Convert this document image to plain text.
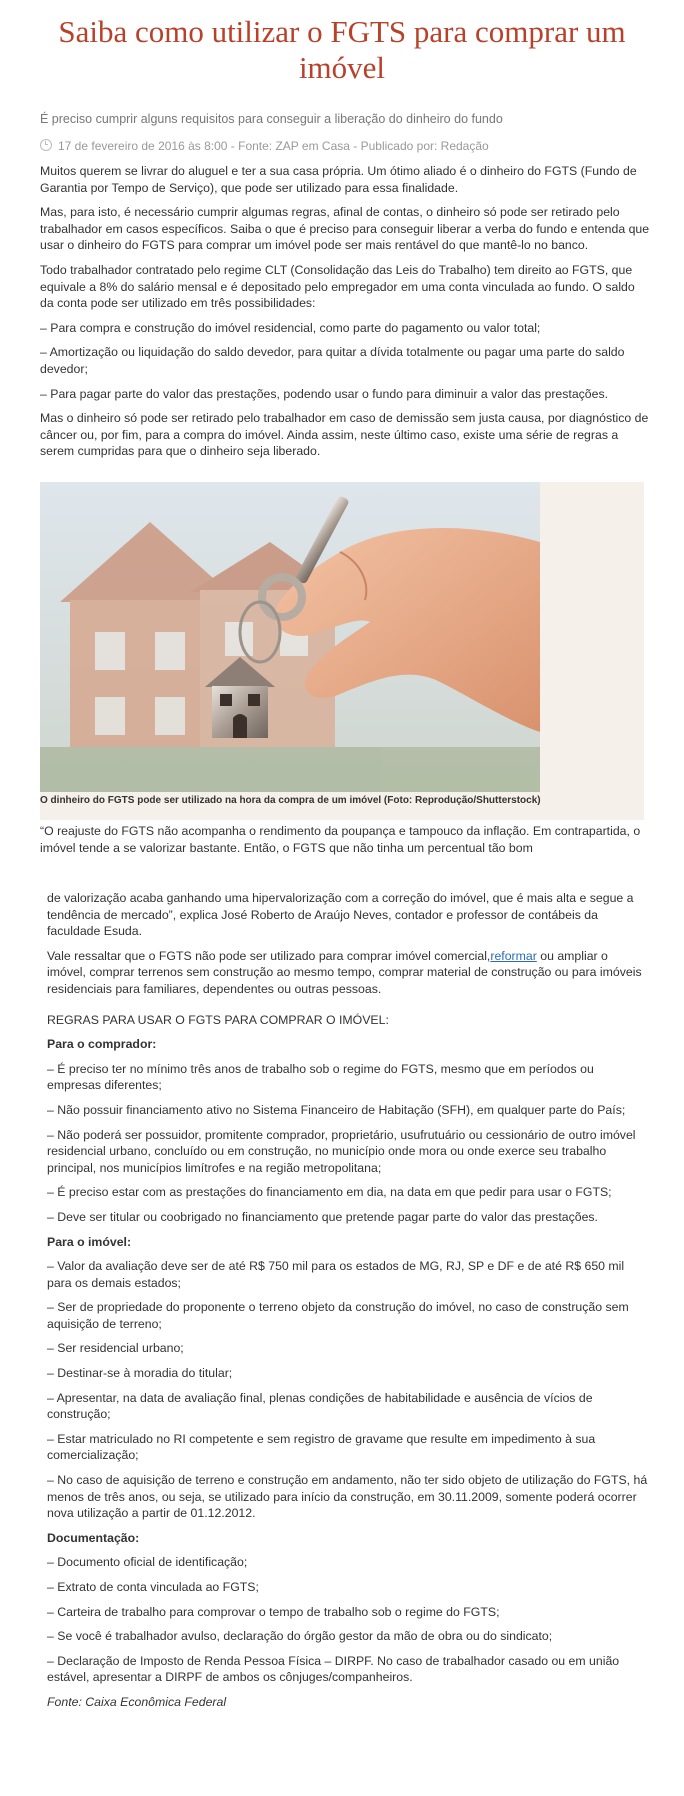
Saiba como utilizar o FGTS para comprar um imóvel
É preciso cumprir alguns requisitos para conseguir a liberação do dinheiro do fundo
17 de fevereiro de 2016 às 8:00 - Fonte: ZAP em Casa - Publicado por: Redação

Muitos querem se livrar do aluguel e ter a sua casa própria. Um ótimo aliado é o dinheiro do FGTS (Fundo de Garantia por Tempo de Serviço), que pode ser utilizado para essa finalidade.

Mas, para isto, é necessário cumprir algumas regras, afinal de contas, o dinheiro só pode ser retirado pelo trabalhador em casos específicos. Saiba o que é preciso para conseguir liberar a verba do fundo e entenda que usar o dinheiro do FGTS para comprar um imóvel pode ser mais rentável do que mantê-lo no banco.

Todo trabalhador contratado pelo regime CLT (Consolidação das Leis do Trabalho) tem direito ao FGTS, que equivale a 8% do salário mensal e é depositado pelo empregador em uma conta vinculada ao fundo. O saldo da conta pode ser utilizado em três possibilidades:

– Para compra e construção do imóvel residencial, como parte do pagamento ou valor total;

– Amortização ou liquidação do saldo devedor, para quitar a dívida totalmente ou pagar uma parte do saldo devedor;

– Para pagar parte do valor das prestações, podendo usar o fundo para diminuir a valor das prestações.

Mas o dinheiro só pode ser retirado pelo trabalhador em caso de demissão sem justa causa, por diagnóstico de câncer ou, por fim, para a compra do imóvel. Ainda assim, neste último caso, existe uma série de regras a serem cumpridas para que o dinheiro seja liberado.

O dinheiro do FGTS pode ser utilizado na hora da compra de um imóvel (Foto: Reprodução/Shutterstock)
“O reajuste do FGTS não acompanha o rendimento da poupança e tampouco da inflação. Em contrapartida, o imóvel tende a se valorizar bastante. Então, o FGTS que não tinha um percentual tão bom

de valorização acaba ganhando uma hipervalorização com a correção do imóvel, que é mais alta e segue a tendência de mercado”, explica José Roberto de Araújo Neves, contador e professor de contábeis da faculdade Esuda.

Vale ressaltar que o FGTS não pode ser utilizado para comprar imóvel comercial,reformar ou ampliar o imóvel, comprar terrenos sem construção ao mesmo tempo, comprar material de construção ou para imóveis residenciais para familiares, dependentes ou outras pessoas.

REGRAS PARA USAR O FGTS PARA COMPRAR O IMÓVEL:

Para o comprador:

– É preciso ter no mínimo três anos de trabalho sob o regime do FGTS, mesmo que em períodos ou empresas diferentes;

– Não possuir financiamento ativo no Sistema Financeiro de Habitação (SFH), em qualquer parte do País;

– Não poderá ser possuidor, promitente comprador, proprietário, usufrutuário ou cessionário de outro imóvel residencial urbano, concluído ou em construção, no município onde mora ou onde exerce seu trabalho principal, nos municípios limítrofes e na região metropolitana;

– É preciso estar com as prestações do financiamento em dia, na data em que pedir para usar o FGTS;

– Deve ser titular ou coobrigado no financiamento que pretende pagar parte do valor das prestações.

Para o imóvel:

– Valor da avaliação deve ser de até R$ 750 mil para os estados de MG, RJ, SP e DF e de até R$ 650 mil para os demais estados;

– Ser de propriedade do proponente o terreno objeto da construção do imóvel, no caso de construção sem aquisição de terreno;

– Ser residencial urbano;

– Destinar-se à moradia do titular;

– Apresentar, na data de avaliação final, plenas condições de habitabilidade e ausência de vícios de construção;

– Estar matriculado no RI competente e sem registro de gravame que resulte em impedimento à sua comercialização;

– No caso de aquisição de terreno e construção em andamento, não ter sido objeto de utilização do FGTS, há menos de três anos, ou seja, se utilizado para início da construção, em 30.11.2009, somente poderá ocorrer nova utilização a partir de 01.12.2012.

Documentação:

– Documento oficial de identificação;

– Extrato de conta vinculada ao FGTS;

– Carteira de trabalho para comprovar o tempo de trabalho sob o regime do FGTS;

– Se você é trabalhador avulso, declaração do órgão gestor da mão de obra ou do sindicato;

– Declaração de Imposto de Renda Pessoa Física – DIRPF. No caso de trabalhador casado ou em união estável, apresentar a DIRPF de ambos os cônjuges/companheiros.

Fonte: Caixa Econômica Federal
